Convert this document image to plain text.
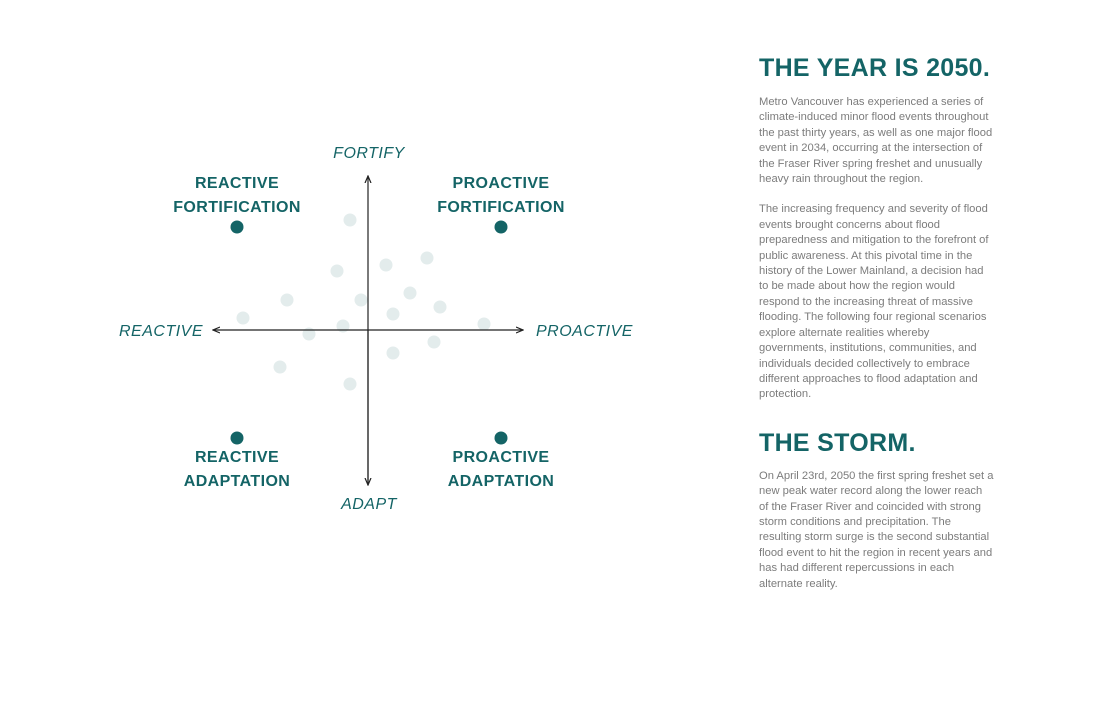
FORTIFY
ADAPT
REACTIVE	PROACTIVE
REACTIVE
FORTIFICATION
PROACTIVE
FORTIFICATION
REACTIVE
ADAPTATION
PROACTIVE
ADAPTATION
THE YEAR IS 2050.

Metro Vancouver has experienced a series of climate-induced minor flood events throughout the past thirty years, as well as one major flood event in 2034, occurring at the intersection of the Fraser River spring freshet and unusually heavy rain throughout the region.

The increasing frequency and severity of flood events brought concerns about flood preparedness and mitigation to the forefront of public awareness. At this pivotal time in the history of the Lower Mainland, a decision had to be made about how the region would respond to the increasing threat of massive flooding. The following four regional scenarios explore alternate realities whereby governments, institutions, communities, and individuals decided collectively to embrace different approaches to flood adaptation and protection.

THE STORM.

On April 23rd, 2050 the first spring freshet set a new peak water record along the lower reach of the Fraser River and coincided with strong storm conditions and precipitation. The resulting storm surge is the second substantial flood event to hit the region in recent years and has had different repercussions in each alternate reality.
